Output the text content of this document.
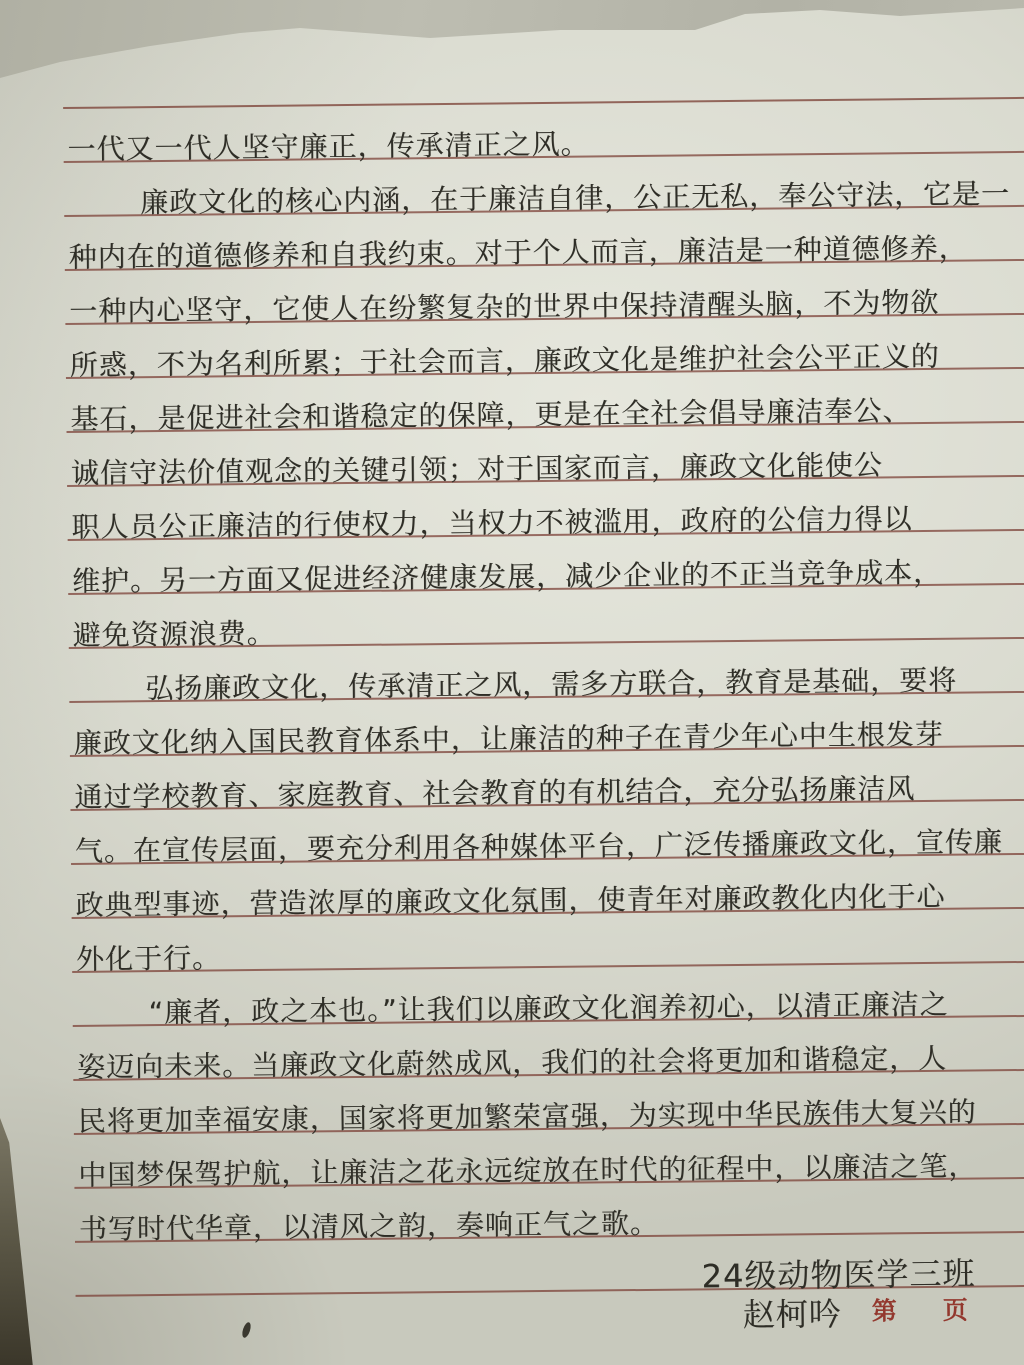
一代又一代人坚守廉正，传承清正之风。
廉政文化的核心内涵，在于廉洁自律，公正无私，奉公守法，它是一
种内在的道德修养和自我约束。对于个人而言，廉洁是一种道德修养，
一种内心坚守，它使人在纷繁复杂的世界中保持清醒头脑，不为物欲
所惑，不为名利所累；于社会而言，廉政文化是维护社会公平正义的
基石，是促进社会和谐稳定的保障，更是在全社会倡导廉洁奉公、
诚信守法价值观念的关键引领；对于国家而言，廉政文化能使公
职人员公正廉洁的行使权力，当权力不被滥用，政府的公信力得以
维护。另一方面又促进经济健康发展，减少企业的不正当竞争成本，
避免资源浪费。
弘扬廉政文化，传承清正之风，需多方联合，教育是基础，要将
廉政文化纳入国民教育体系中，让廉洁的种子在青少年心中生根发芽
通过学校教育、家庭教育、社会教育的有机结合，充分弘扬廉洁风
气。在宣传层面，要充分利用各种媒体平台，广泛传播廉政文化，宣传廉
政典型事迹，营造浓厚的廉政文化氛围，使青年对廉政教化内化于心
外化于行。
“廉者，政之本也。”让我们以廉政文化润养初心，以清正廉洁之
姿迈向未来。当廉政文化蔚然成风，我们的社会将更加和谐稳定，人
民将更加幸福安康，国家将更加繁荣富强，为实现中华民族伟大复兴的
中国梦保驾护航，让廉洁之花永远绽放在时代的征程中，以廉洁之笔，
书写时代华章，以清风之韵，奏响正气之歌。
24级动物医学三班
赵柯吟 第 页
